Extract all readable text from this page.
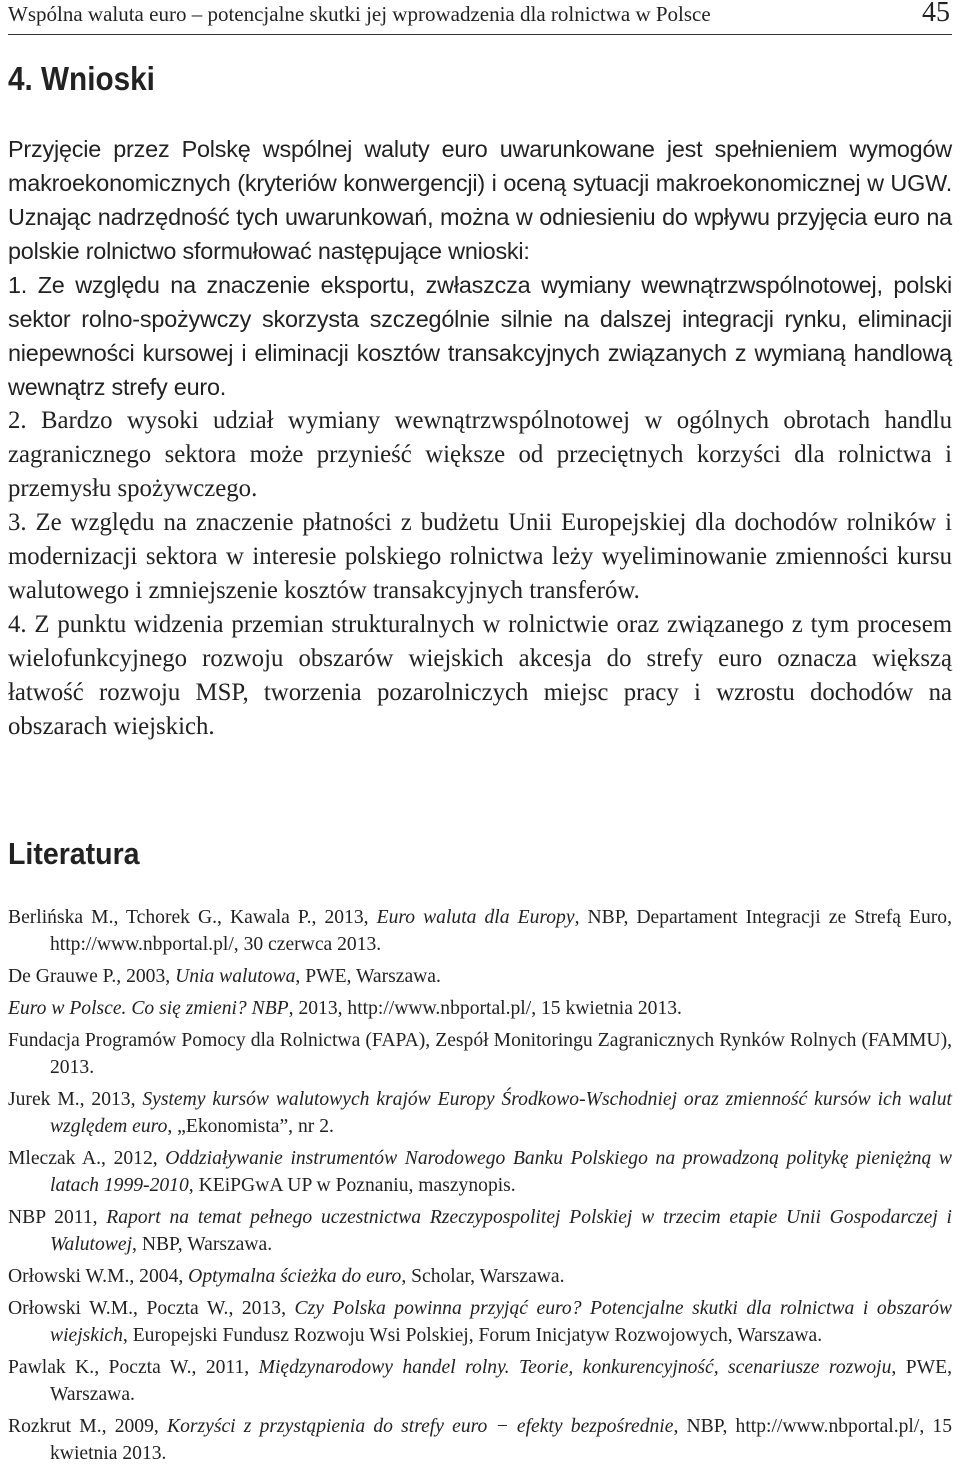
Wspólna waluta euro – potencjalne skutki jej wprowadzenia dla rolnictwa w Polsce	45
4. Wnioski

Przyjęcie przez Polskę wspólnej waluty euro uwarunkowane jest spełnieniem wymogów makroekonomicznych (kryteriów konwergencji) i oceną sytuacji makroekonomicznej w UGW. Uznając nadrzędność tych uwarunkowań, można w odniesieniu do wpływu przyjęcia euro na polskie rolnictwo sformułować następujące wnioski:

1. Ze względu na znaczenie eksportu, zwłaszcza wymiany wewnątrzwspólnotowej, polski sektor rolno-spożywczy skorzysta szczególnie silnie na dalszej integracji rynku, eliminacji niepewności kursowej i eliminacji kosztów transakcyjnych związanych z wymianą handlową wewnątrz strefy euro.

2. Bardzo wysoki udział wymiany wewnątrzwspólnotowej w ogólnych obrotach handlu zagranicznego sektora może przynieść większe od przeciętnych korzyści dla rolnictwa i przemysłu spożywczego.

3. Ze względu na znaczenie płatności z budżetu Unii Europejskiej dla dochodów rolników i modernizacji sektora w interesie polskiego rolnictwa leży wyeliminowanie zmienności kursu walutowego i zmniejszenie kosztów transakcyjnych transferów.

4. Z punktu widzenia przemian strukturalnych w rolnictwie oraz związanego z tym procesem wielofunkcyjnego rozwoju obszarów wiejskich akcesja do strefy euro oznacza większą łatwość rozwoju MSP, tworzenia pozarolniczych miejsc pracy i wzrostu dochodów na obszarach wiejskich.

Literatura

Berlińska M., Tchorek G., Kawala P., 2013, Euro waluta dla Europy, NBP, Departament Integracji ze Strefą Euro, http://www.nbportal.pl/, 30 czerwca 2013.

De Grauwe P., 2003, Unia walutowa, PWE, Warszawa.

Euro w Polsce. Co się zmieni? NBP, 2013, http://www.nbportal.pl/, 15 kwietnia 2013.

Fundacja Programów Pomocy dla Rolnictwa (FAPA), Zespół Monitoringu Zagranicznych Rynków Rolnych (FAMMU), 2013.

Jurek M., 2013, Systemy kursów walutowych krajów Europy Środkowo-Wschodniej oraz zmienność kursów ich walut względem euro, „Ekonomista”, nr 2.

Mleczak A., 2012, Oddziaływanie instrumentów Narodowego Banku Polskiego na prowadzoną politykę pieniężną w latach 1999-2010, KEiPGwA UP w Poznaniu, maszynopis.

NBP 2011, Raport na temat pełnego uczestnictwa Rzeczypospolitej Polskiej w trzecim etapie Unii Gospodarczej i Walutowej, NBP, Warszawa.

Orłowski W.M., 2004, Optymalna ścieżka do euro, Scholar, Warszawa.

Orłowski W.M., Poczta W., 2013, Czy Polska powinna przyjąć euro? Potencjalne skutki dla rolnictwa i obszarów wiejskich, Europejski Fundusz Rozwoju Wsi Polskiej, Forum Inicjatyw Rozwojowych, Warszawa.

Pawlak K., Poczta W., 2011, Międzynarodowy handel rolny. Teorie, konkurencyjność, scenariusze rozwoju, PWE, Warszawa.

Rozkrut M., 2009, Korzyści z przystąpienia do strefy euro − efekty bezpośrednie, NBP, http://www.nbportal.pl/, 15 kwietnia 2013.
